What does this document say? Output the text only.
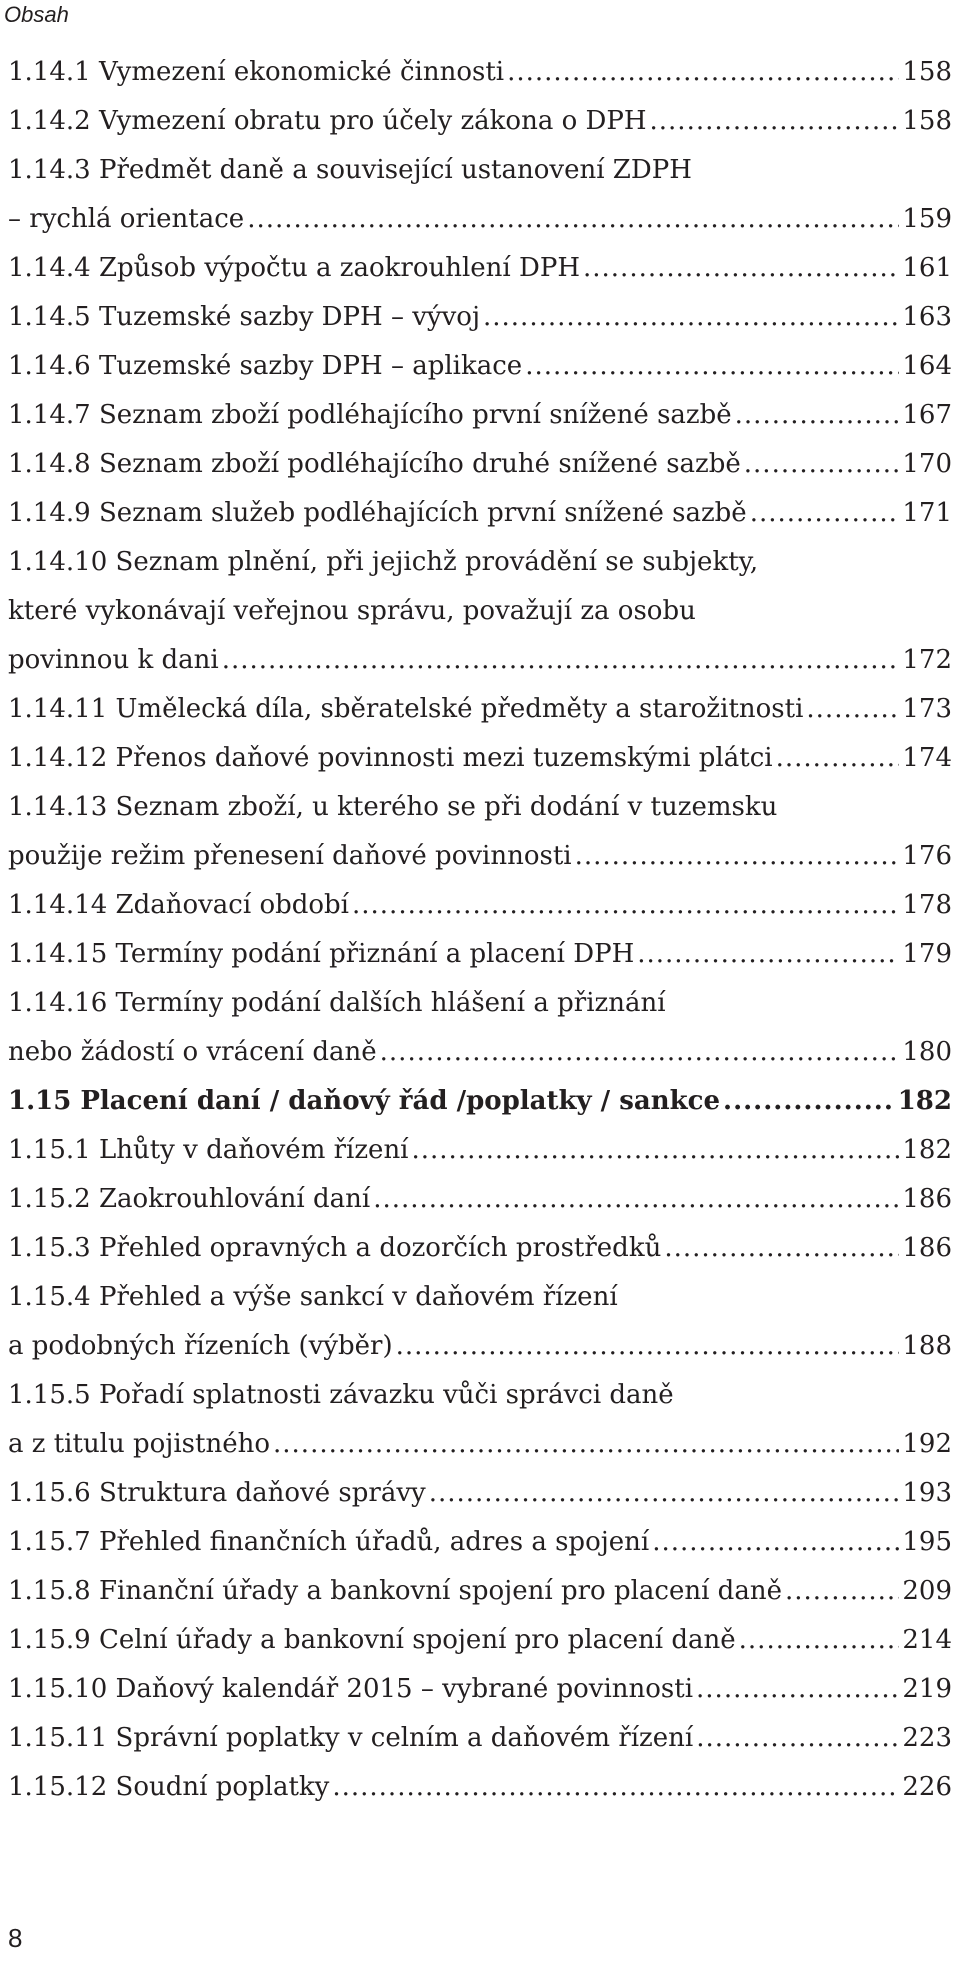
Obsah
1.14.1 Vymezení ekonomické činnosti .....	158
1.14.2 Vymezení obratu pro účely zákona o DPH .....	158
1.14.3 Předmět daně a související ustanovení ZDPH
– rychlá orientace .....	159
1.14.4 Způsob výpočtu a zaokrouhlení DPH .....	161
1.14.5 Tuzemské sazby DPH – vývoj .....	163
1.14.6 Tuzemské sazby DPH – aplikace .....	164
1.14.7 Seznam zboží podléhajícího první snížené sazbě .....	167
1.14.8 Seznam zboží podléhajícího druhé snížené sazbě .....	170
1.14.9 Seznam služeb podléhajících první snížené sazbě .....	171
1.14.10 Seznam plnění, při jejichž provádění se subjekty,
které vykonávají veřejnou správu, považují za osobu
povinnou k dani .....	172
1.14.11 Umělecká díla, sběratelské předměty a starožitnosti .....	173
1.14.12 Přenos daňové povinnosti mezi tuzemskými plátci .....	174
1.14.13 Seznam zboží, u kterého se při dodání v tuzemsku
použije režim přenesení daňové povinnosti .....	176
1.14.14 Zdaňovací období .....	178
1.14.15 Termíny podání přiznání a placení DPH .....	179
1.14.16 Termíny podání dalších hlášení a přiznání
nebo žádostí o vrácení daně .....	180
1.15 Placení daní / daňový řád /poplatky / sankce .....	182
1.15.1 Lhůty v daňovém řízení .....	182
1.15.2 Zaokrouhlování daní .....	186
1.15.3 Přehled opravných a dozorčích prostředků .....	186
1.15.4 Přehled a výše sankcí v daňovém řízení
a podobných řízeních (výběr) .....	188
1.15.5 Pořadí splatnosti závazku vůči správci daně
a z titulu pojistného .....	192
1.15.6 Struktura daňové správy .....	193
1.15.7 Přehled finančních úřadů, adres a spojení .....	195
1.15.8 Finanční úřady a bankovní spojení pro placení daně .....	209
1.15.9 Celní úřady a bankovní spojení pro placení daně .....	214
1.15.10 Daňový kalendář 2015 – vybrané povinnosti .....	219
1.15.11 Správní poplatky v celním a daňovém řízení .....	223
1.15.12 Soudní poplatky .....	226
8
